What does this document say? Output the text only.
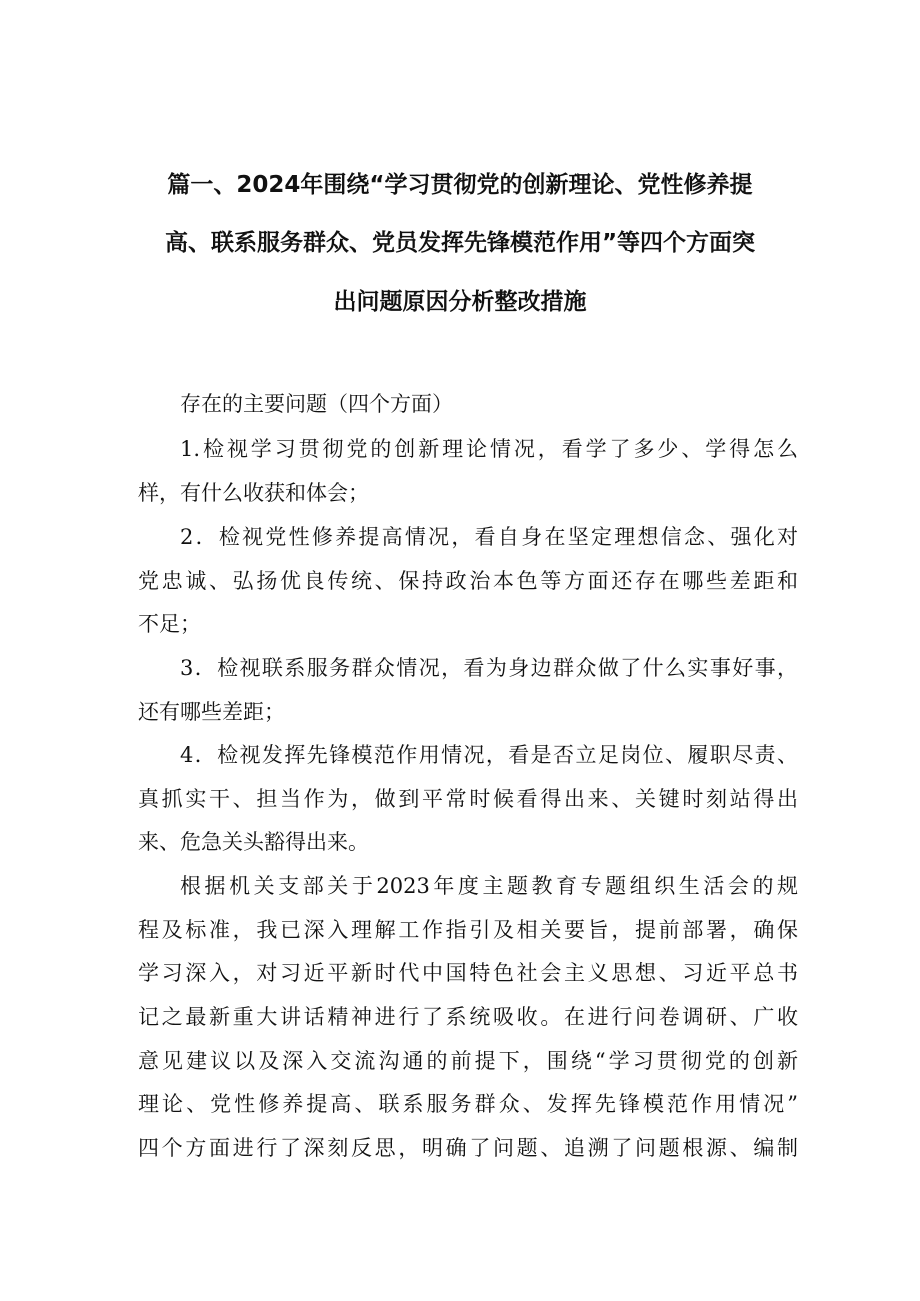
篇一、2024年围绕“学习贯彻党的创新理论、党性修养提
高、联系服务群众、党员发挥先锋模范作用”等四个方面突
出问题原因分析整改措施
存在的主要问题（四个方面）
1.检视学习贯彻党的创新理论情况，看学了多少、学得怎么
样，有什么收获和体会；
2．检视党性修养提高情况，看自身在坚定理想信念、强化对
党忠诚、弘扬优良传统、保持政治本色等方面还存在哪些差距和
不足；
3．检视联系服务群众情况，看为身边群众做了什么实事好事，
还有哪些差距；
4．检视发挥先锋模范作用情况，看是否立足岗位、履职尽责、
真抓实干、担当作为，做到平常时候看得出来、关键时刻站得出
来、危急关头豁得出来。
根据机关支部关于2023年度主题教育专题组织生活会的规
程及标准，我已深入理解工作指引及相关要旨，提前部署，确保
学习深入，对习近平新时代中国特色社会主义思想、习近平总书
记之最新重大讲话精神进行了系统吸收。在进行问卷调研、广收
意见建议以及深入交流沟通的前提下，围绕“学习贯彻党的创新
理论、党性修养提高、联系服务群众、发挥先锋模范作用情况”
四个方面进行了深刻反思，明确了问题、追溯了问题根源、编制
